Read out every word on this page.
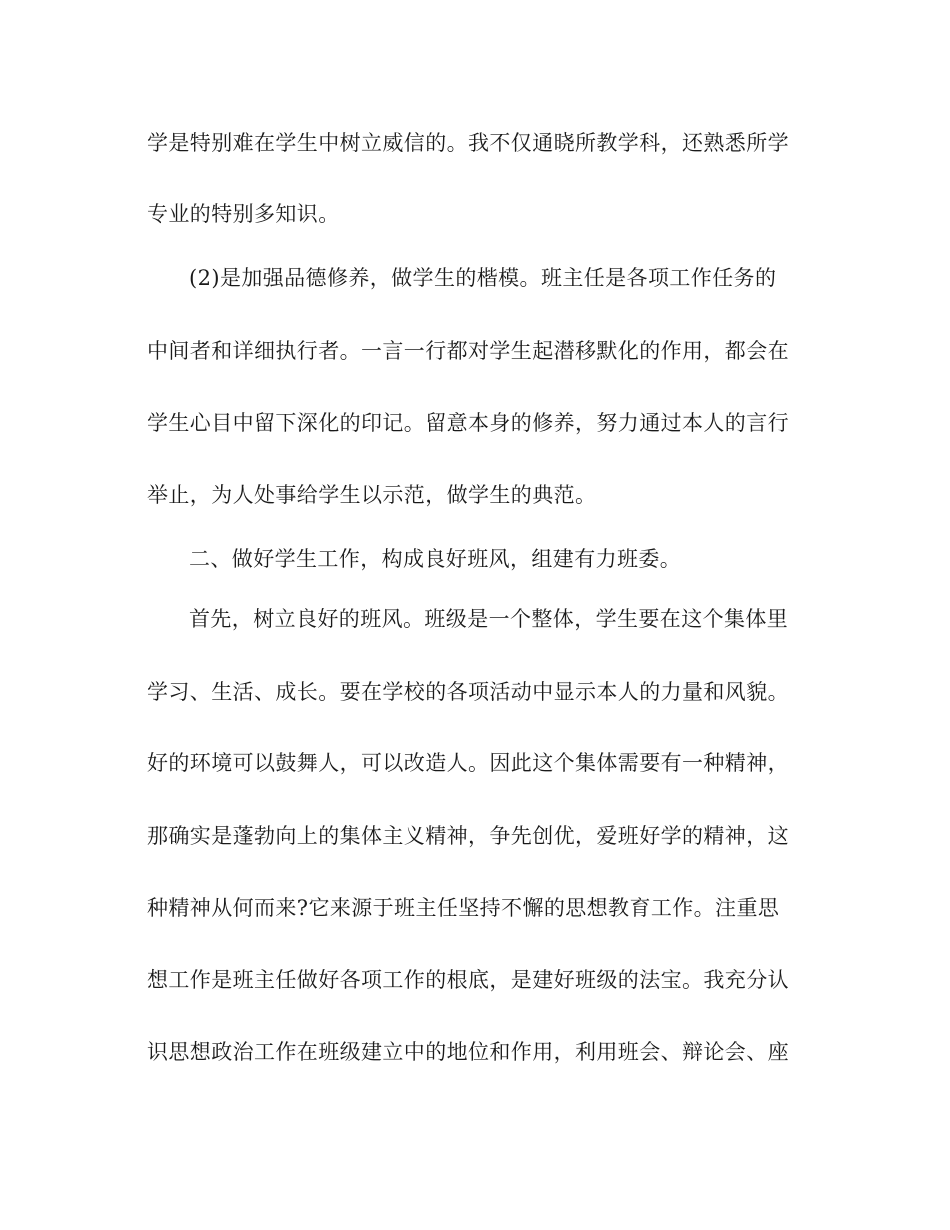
学是特别难在学生中树立威信的。我不仅通晓所教学科，还熟悉所学
专业的特别多知识。
(2)是加强品德修养，做学生的楷模。班主任是各项工作任务的
中间者和详细执行者。一言一行都对学生起潜移默化的作用，都会在
学生心目中留下深化的印记。留意本身的修养，努力通过本人的言行
举止，为人处事给学生以示范，做学生的典范。
二、做好学生工作，构成良好班风，组建有力班委。
首先，树立良好的班风。班级是一个整体，学生要在这个集体里
学习、生活、成长。要在学校的各项活动中显示本人的力量和风貌。
好的环境可以鼓舞人，可以改造人。因此这个集体需要有一种精神，
那确实是蓬勃向上的集体主义精神，争先创优，爱班好学的精神，这
种精神从何而来?它来源于班主任坚持不懈的思想教育工作。注重思
想工作是班主任做好各项工作的根底，是建好班级的法宝。我充分认
识思想政治工作在班级建立中的地位和作用，利用班会、辩论会、座
